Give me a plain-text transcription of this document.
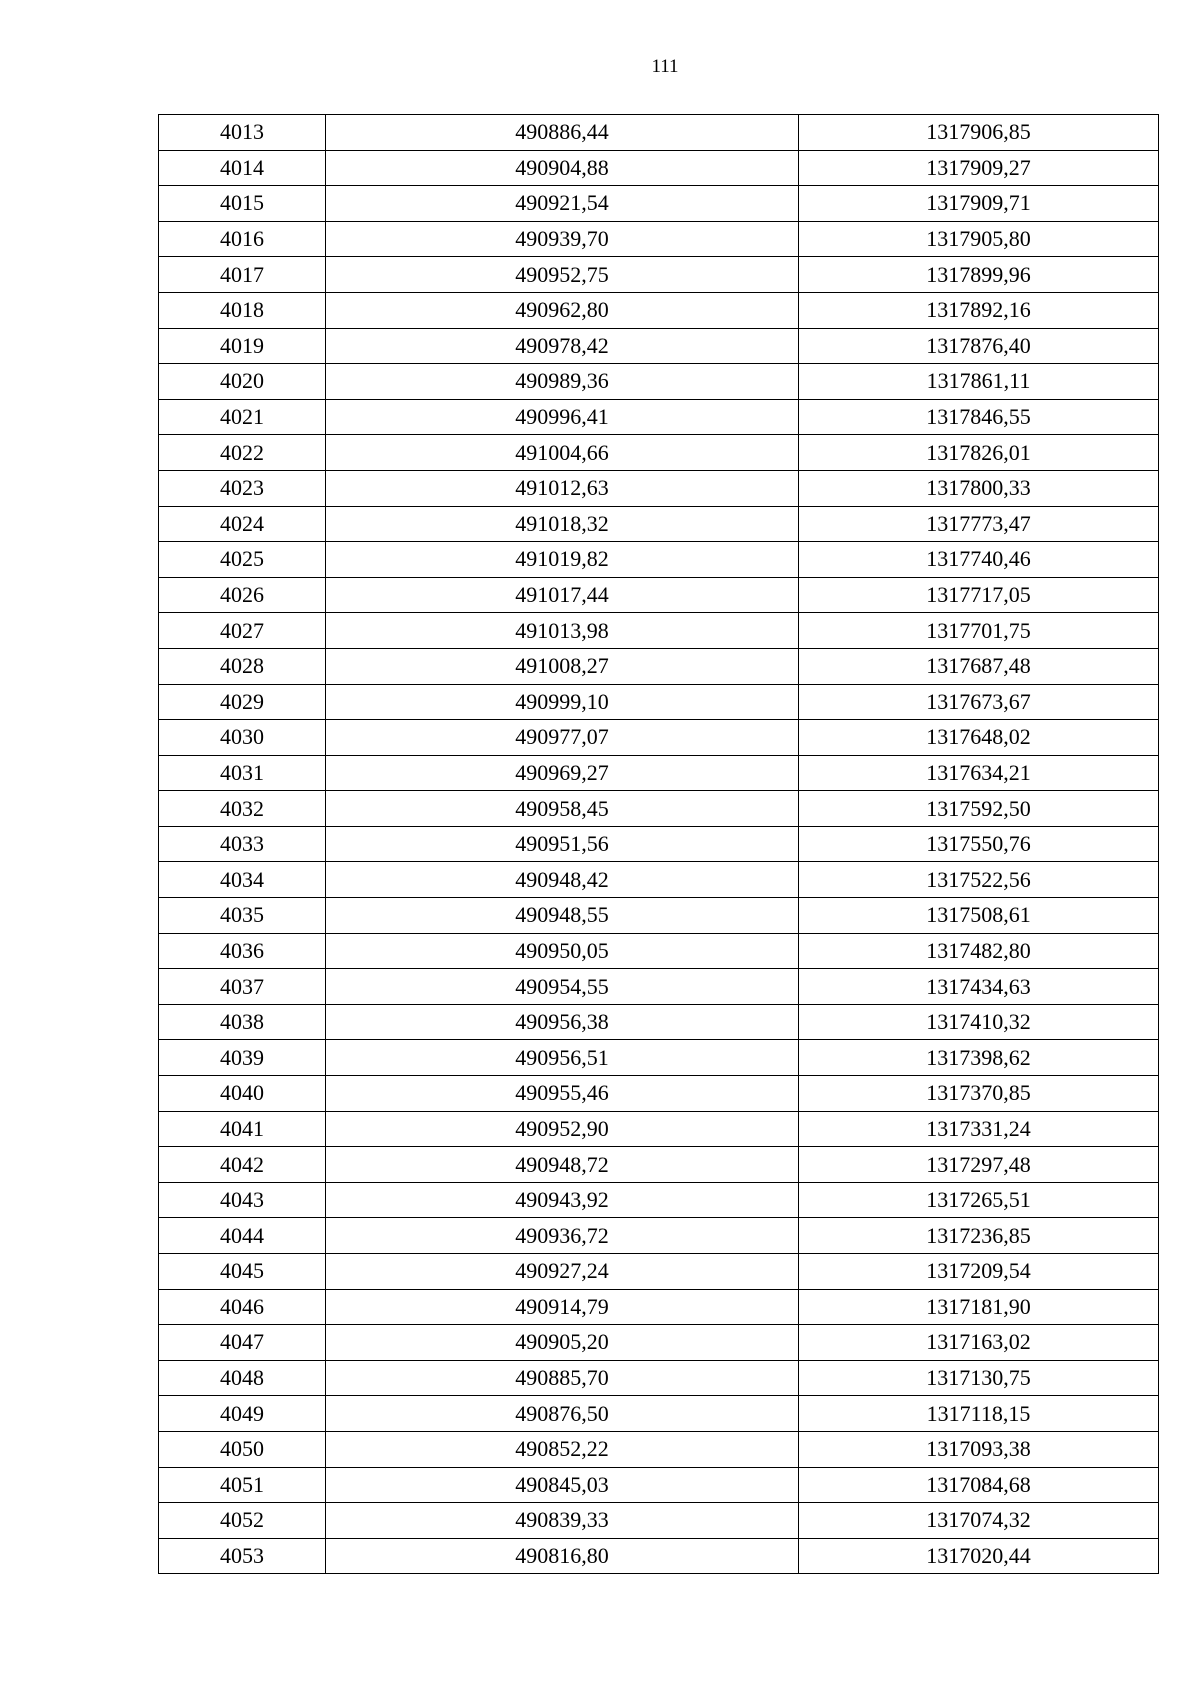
111
4013	490886,44	1317906,85
4014	490904,88	1317909,27
4015	490921,54	1317909,71
4016	490939,70	1317905,80
4017	490952,75	1317899,96
4018	490962,80	1317892,16
4019	490978,42	1317876,40
4020	490989,36	1317861,11
4021	490996,41	1317846,55
4022	491004,66	1317826,01
4023	491012,63	1317800,33
4024	491018,32	1317773,47
4025	491019,82	1317740,46
4026	491017,44	1317717,05
4027	491013,98	1317701,75
4028	491008,27	1317687,48
4029	490999,10	1317673,67
4030	490977,07	1317648,02
4031	490969,27	1317634,21
4032	490958,45	1317592,50
4033	490951,56	1317550,76
4034	490948,42	1317522,56
4035	490948,55	1317508,61
4036	490950,05	1317482,80
4037	490954,55	1317434,63
4038	490956,38	1317410,32
4039	490956,51	1317398,62
4040	490955,46	1317370,85
4041	490952,90	1317331,24
4042	490948,72	1317297,48
4043	490943,92	1317265,51
4044	490936,72	1317236,85
4045	490927,24	1317209,54
4046	490914,79	1317181,90
4047	490905,20	1317163,02
4048	490885,70	1317130,75
4049	490876,50	1317118,15
4050	490852,22	1317093,38
4051	490845,03	1317084,68
4052	490839,33	1317074,32
4053	490816,80	1317020,44
